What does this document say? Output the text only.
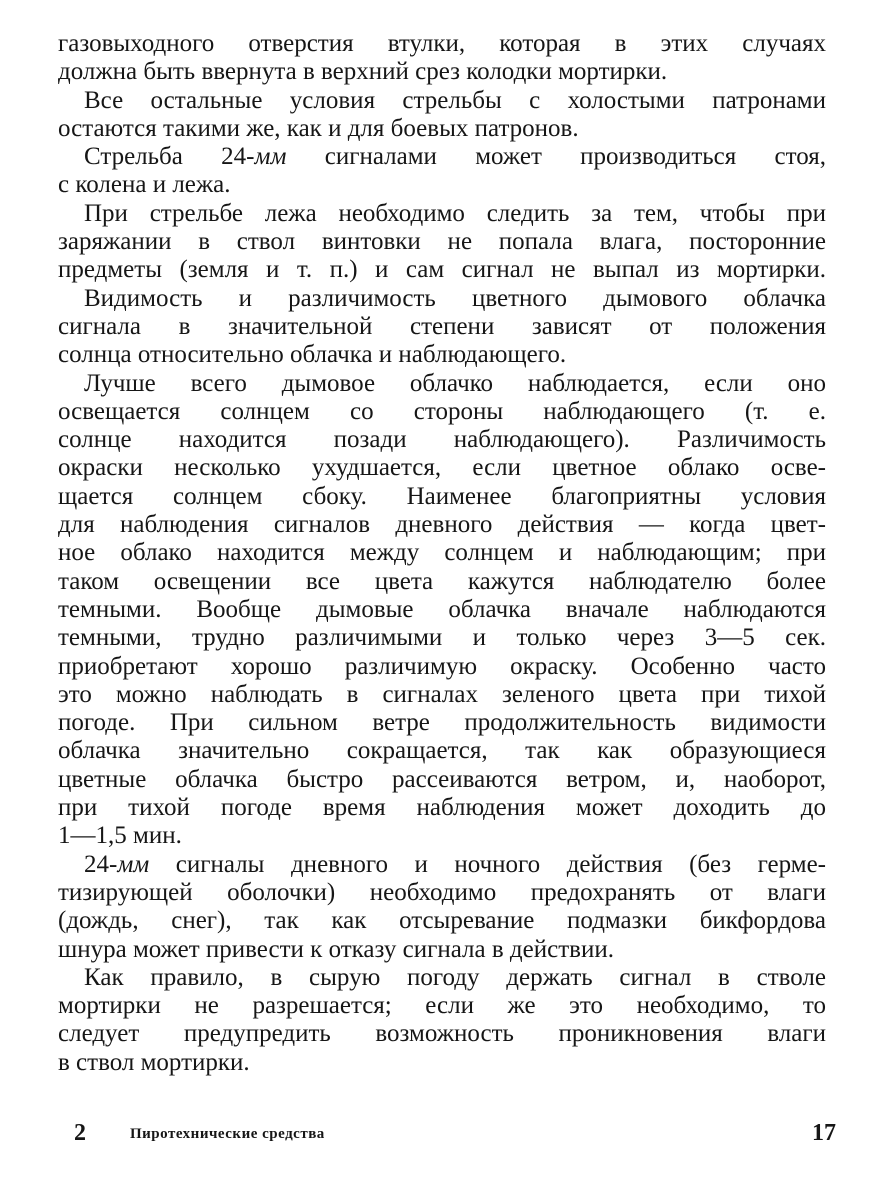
газовыходного отверстия втулки, которая в этих случаях
должна быть ввернута в верхний срез колодки мортирки.
Все остальные условия стрельбы с холостыми патронами
остаются такими же, как и для боевых патронов.
Стрельба 24-мм сигналами может производиться стоя,
с колена и лежа.
При стрельбе лежа необходимо следить за тем, чтобы при
заряжании в ствол винтовки не попала влага, посторонние
предметы (земля и т. п.) и сам сигнал не выпал из мортирки.
Видимость и различимость цветного дымового облачка
сигнала в значительной степени зависят от положения
солнца относительно облачка и наблюдающего.
Лучше всего дымовое облачко наблюдается, если оно
освещается солнцем со стороны наблюдающего (т. е.
солнце находится позади наблюдающего). Различимость
окраски несколько ухудшается, если цветное облако осве-
щается солнцем сбоку. Наименее благоприятны условия
для наблюдения сигналов дневного действия — когда цвет-
ное облако находится между солнцем и наблюдающим; при
таком освещении все цвета кажутся наблюдателю более
темными. Вообще дымовые облачка вначале наблюдаются
темными, трудно различимыми и только через 3—5 сек.
приобретают хорошо различимую окраску. Особенно часто
это можно наблюдать в сигналах зеленого цвета при тихой
погоде. При сильном ветре продолжительность видимости
облачка значительно сокращается, так как образующиеся
цветные облачка быстро рассеиваются ветром, и, наоборот,
при тихой погоде время наблюдения может доходить до
1—1,5 мин.
24-мм сигналы дневного и ночного действия (без герме-
тизирующей оболочки) необходимо предохранять от влаги
(дождь, снег), так как отсыревание подмазки бикфордова
шнура может привести к отказу сигнала в действии.
Как правило, в сырую погоду держать сигнал в стволе
мортирки не разрешается; если же это необходимо, то
следует предупредить возможность проникновения влаги
в ствол мортирки.
2	Пиротехнические средства	17
